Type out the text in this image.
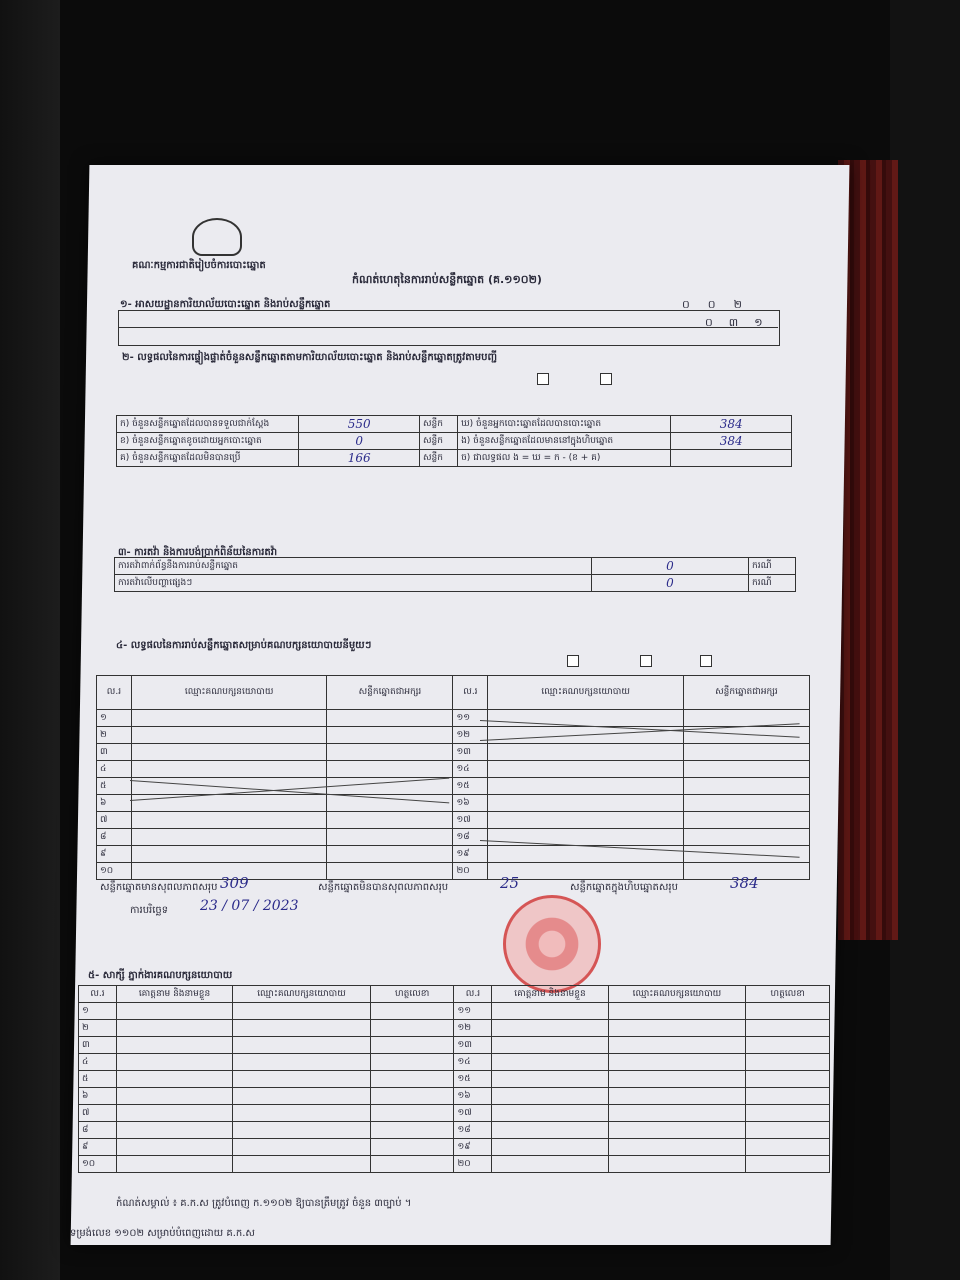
គណៈកម្មការជាតិរៀបចំការបោះឆ្នោត
កំណត់ហេតុនៃការរាប់សន្លឹកឆ្នោត (គ.១១០២)
១- អាសយដ្ឋានការិយាល័យបោះឆ្នោត និងរាប់សន្លឹកឆ្នោត	០០២
០៣១
២- លទ្ធផលនៃការផ្ទៀងផ្ទាត់ចំនួនសន្លឹកឆ្នោតតាមការិយាល័យបោះឆ្នោត និងរាប់សន្លឹកឆ្នោតត្រូវតាមបញ្ជី
ក) ចំនួនសន្លឹកឆ្នោតដែលបានទទួលជាក់ស្តែង	550	សន្លឹក	ឃ) ចំនួនអ្នកបោះឆ្នោតដែលបានបោះឆ្នោត	384
ខ) ចំនួនសន្លឹកឆ្នោតខូចដោយអ្នកបោះឆ្នោត	0	សន្លឹក	ង) ចំនួនសន្លឹកឆ្នោតដែលមាននៅក្នុងហិបឆ្នោត	384
គ) ចំនួនសន្លឹកឆ្នោតដែលមិនបានប្រើ	166	សន្លឹក	ច) ជាលទ្ធផល ង = ឃ = ក - (ខ + គ)	
៣- ការតវ៉ា និងការបង់ប្រាក់ពិន័យនៃការតវ៉ា
ការតវ៉ាពាក់ព័ន្ធនឹងការរាប់សន្លឹកឆ្នោត	0	ករណី
ការតវ៉ាលើបញ្ហាផ្សេងៗ	0	ករណី
៤- លទ្ធផលនៃការរាប់សន្លឹកឆ្នោតសម្រាប់គណបក្សនយោបាយនីមួយៗ
ល.រ	ឈ្មោះគណបក្សនយោបាយ	សន្លឹកឆ្នោតជាអក្សរ	ល.រ	ឈ្មោះគណបក្សនយោបាយ	សន្លឹកឆ្នោតជាអក្សរ
១			១១		
២			១២		
៣			១៣		
៤			១៤		
៥			១៥		
៦			១៦		
៧			១៧		
៨			១៨		
៩			១៩		
១០			២០		
សន្លឹកឆ្នោតមានសុពលភាពសរុប 309	សន្លឹកឆ្នោតមិនបានសុពលភាពសរុប	25	សន្លឹកឆ្នោតក្នុងហិបឆ្នោតសរុប	384
ការបរិច្ឆេទ 23 / 07 / 2023
៥- សាក្សី ភ្នាក់ងារគណបក្សនយោបាយ
ល.រ	គោត្តនាម និងនាមខ្លួន	ឈ្មោះគណបក្សនយោបាយ	ហត្ថលេខា	ល.រ	គោត្តនាម និងនាមខ្លួន	ឈ្មោះគណបក្សនយោបាយ	ហត្ថលេខា
១				១១			
២				១២			
៣				១៣			
៤				១៤			
៥				១៥			
៦				១៦			
៧				១៧			
៨				១៨			
៩				១៩			
១០				២០			
កំណត់សម្គាល់ ៖ គ.ក.ស ត្រូវបំពេញ ក.១១០២ ឱ្យបានត្រឹមត្រូវ ចំនួន ៣ច្បាប់ ។
ទម្រង់លេខ ១១០២ សម្រាប់បំពេញដោយ គ.ក.ស
